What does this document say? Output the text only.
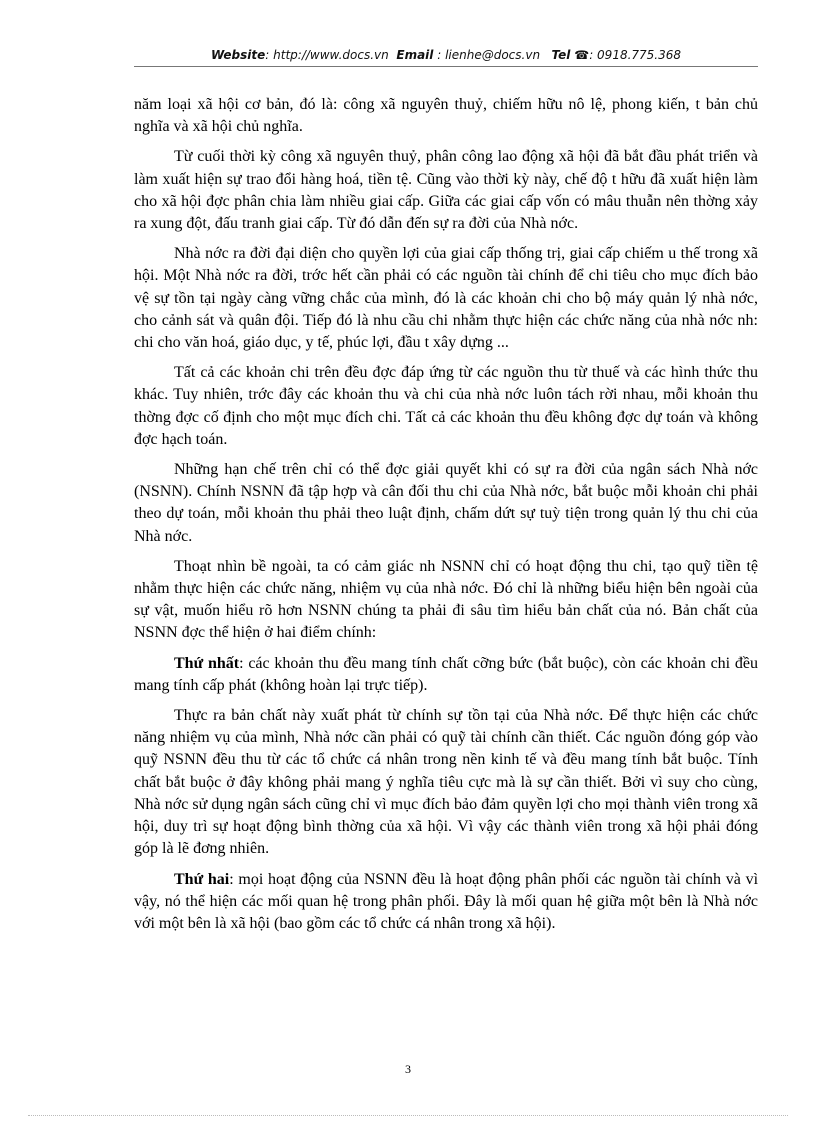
Website: http://www.docs.vn Email : lienhe@docs.vn Tel ☎: 0918.775.368

năm loại xã hội cơ bản, đó là: công xã nguyên thuỷ, chiếm hữu nô lệ, phong kiến, t bản chủ nghĩa và xã hội chủ nghĩa.

Từ cuối thời kỳ công xã nguyên thuỷ, phân công lao động xã hội đã bắt đầu phát triển và làm xuất hiện sự trao đổi hàng hoá, tiền tệ. Cũng vào thời kỳ này, chế độ t hữu đã xuất hiện làm cho xã hội đợc phân chia làm nhiều giai cấp. Giữa các giai cấp vốn có mâu thuẫn nên thờng xảy ra xung đột, đấu tranh giai cấp. Từ đó dẫn đến sự ra đời của Nhà nớc.

Nhà nớc ra đời đại diện cho quyền lợi của giai cấp thống trị, giai cấp chiếm u thế trong xã hội. Một Nhà nớc ra đời, trớc hết cần phải có các nguồn tài chính để chi tiêu cho mục đích bảo vệ sự tồn tại ngày càng vững chắc của mình, đó là các khoản chi cho bộ máy quản lý nhà nớc, cho cảnh sát và quân đội. Tiếp đó là nhu cầu chi nhằm thực hiện các chức năng của nhà nớc nh: chi cho văn hoá, giáo dục, y tế, phúc lợi, đầu t xây dựng ...

Tất cả các khoản chi trên đều đợc đáp ứng từ các nguồn thu từ thuế và các hình thức thu khác. Tuy nhiên, trớc đây các khoản thu và chi của nhà nớc luôn tách rời nhau, mỗi khoản thu thờng đợc cố định cho một mục đích chi. Tất cả các khoản thu đều không đợc dự toán và không đợc hạch toán.

Những hạn chế trên chỉ có thể đợc giải quyết khi có sự ra đời của ngân sách Nhà nớc (NSNN). Chính NSNN đã tập hợp và cân đối thu chi của Nhà nớc, bắt buộc mỗi khoản chi phải theo dự toán, mỗi khoản thu phải theo luật định, chấm dứt sự tuỳ tiện trong quản lý thu chi của Nhà nớc.

Thoạt nhìn bề ngoài, ta có cảm giác nh NSNN chỉ có hoạt động thu chi, tạo quỹ tiền tệ nhằm thực hiện các chức năng, nhiệm vụ của nhà nớc. Đó chỉ là những biểu hiện bên ngoài của sự vật, muốn hiểu rõ hơn NSNN chúng ta phải đi sâu tìm hiểu bản chất của nó. Bản chất của NSNN đợc thể hiện ở hai điểm chính:

Thứ nhất: các khoản thu đều mang tính chất cỡng bức (bắt buộc), còn các khoản chi đều mang tính cấp phát (không hoàn lại trực tiếp).

Thực ra bản chất này xuất phát từ chính sự tồn tại của Nhà nớc. Để thực hiện các chức năng nhiệm vụ của mình, Nhà nớc cần phải có quỹ tài chính cần thiết. Các nguồn đóng góp vào quỹ NSNN đều thu từ các tổ chức cá nhân trong nền kinh tế và đều mang tính bắt buộc. Tính chất bắt buộc ở đây không phải mang ý nghĩa tiêu cực mà là sự cần thiết. Bởi vì suy cho cùng, Nhà nớc sử dụng ngân sách cũng chỉ vì mục đích bảo đảm quyền lợi cho mọi thành viên trong xã hội, duy trì sự hoạt động bình thờng của xã hội. Vì vậy các thành viên trong xã hội phải đóng góp là lẽ đơng nhiên.

Thứ hai: mọi hoạt động của NSNN đều là hoạt động phân phối các nguồn tài chính và vì vậy, nó thể hiện các mối quan hệ trong phân phối. Đây là mối quan hệ giữa một bên là Nhà nớc với một bên là xã hội (bao gồm các tổ chức cá nhân trong xã hội).

3
